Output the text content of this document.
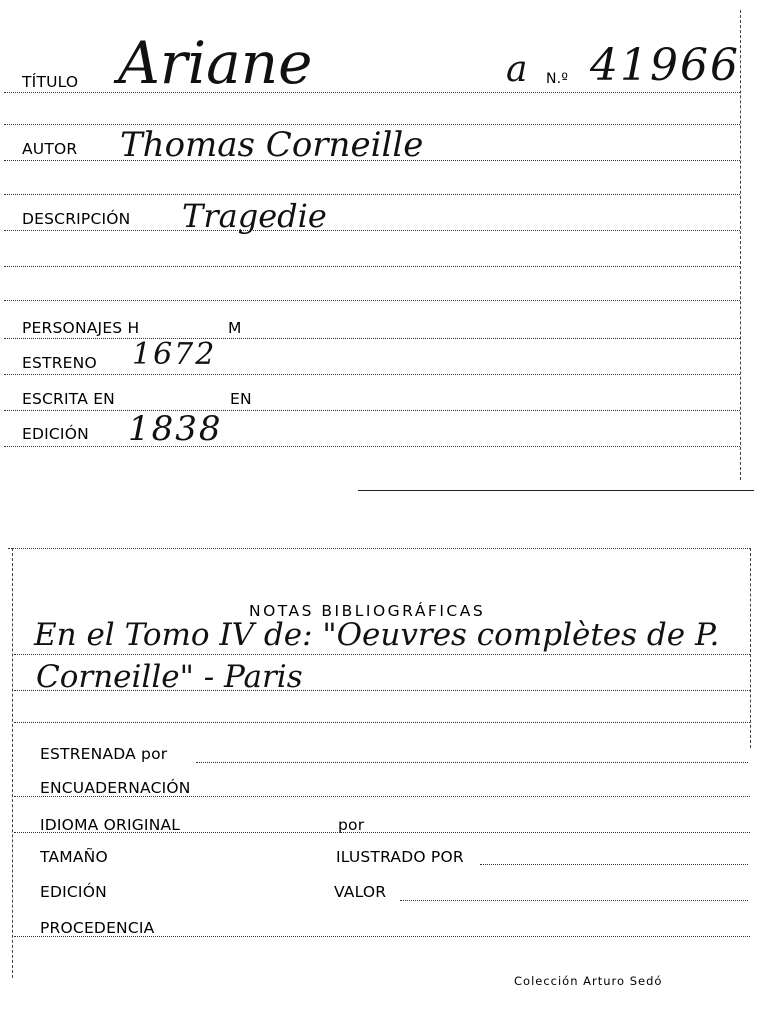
TÍTULO Ariane	a N.º 41966
AUTOR Thomas Corneille
DESCRIPCIÓN Tragedie
PERSONAJES H	M
ESTRENO 1672
ESCRITA EN	EN
EDICIÓN 1838
NOTAS BIBLIOGRÁFICAS
En el Tomo IV de: "Oeuvres complètes de P.
Corneille" - Paris
ESTRENADA por
ENCUADERNACIÓN
IDIOMA ORIGINAL	por
TAMAÑO	ILUSTRADO POR
EDICIÓN	VALOR
PROCEDENCIA
Colección Arturo Sedó
